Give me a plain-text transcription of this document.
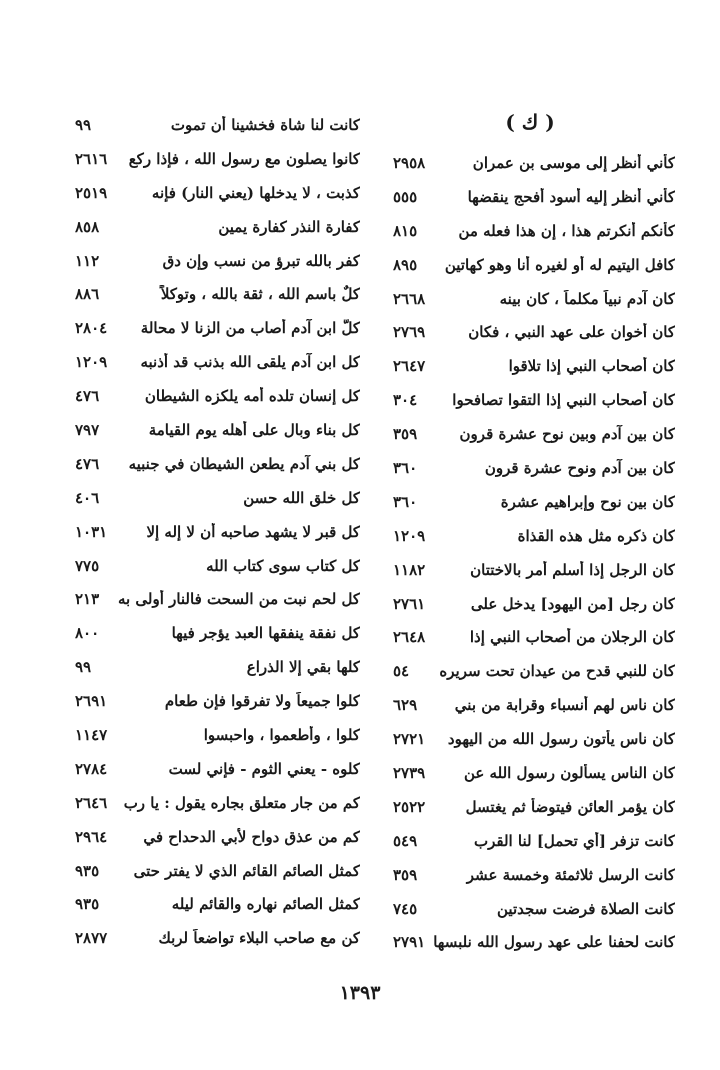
( ك )
كأني أنظر إلى موسى بن عمران
٢٩٥٨
كأني أنظر إليه أسود أفحج ينقضها
٥٥٥
كأنكم أنكرتم هذا ، إن هذا فعله من
٨١٥
كافل اليتيم له أو لغيره أنا وهو كهاتين
٨٩٥
كان آدم نبياً مكلماً ، كان بينه
٢٦٦٨
كان أخوان على عهد النبي ، فكان
٢٧٦٩
كان أصحاب النبي إذا تلاقوا
٢٦٤٧
كان أصحاب النبي إذا التقوا تصافحوا
٣٠٤
كان بين آدم وبين نوح عشرة قرون
٣٥٩
كان بين آدم ونوح عشرة قرون
٣٦٠
كان بين نوح وإبراهيم عشرة
٣٦٠
كان ذكره مثل هذه القذاة
١٢٠٩
كان الرجل إذا أسلم أمر بالاختتان
١١٨٢
كان رجل [من اليهود] يدخل على
٢٧٦١
كان الرجلان من أصحاب النبي إذا
٢٦٤٨
كان للنبي قدح من عيدان تحت سريره
٥٤
كان ناس لهم أنسباء وقرابة من بني
٦٢٩
كان ناس يأتون رسول الله من اليهود
٢٧٢١
كان الناس يسألون رسول الله عن
٢٧٣٩
كان يؤمر العائن فيتوضأ ثم يغتسل
٢٥٢٢
كانت تزفر [أي تحمل] لنا القرب
٥٤٩
كانت الرسل ثلاثمئة وخمسة عشر
٣٥٩
كانت الصلاة فرضت سجدتين
٧٤٥
كانت لحفنا على عهد رسول الله نلبسها
٢٧٩١
كانت لنا شاة فخشينا أن تموت
٩٩
كانوا يصلون مع رسول الله ، فإذا ركع
٢٦١٦
كذبت ، لا يدخلها (يعني النار) فإنه
٢٥١٩
كفارة النذر كفارة يمين
٨٥٨
كفر بالله تبرؤ من نسب وإن دق
١١٢
كلٌ باسم الله ، ثقة بالله ، وتوكلاً
٨٨٦
كلُّ ابن آدم أصاب من الزنا لا محالة
٢٨٠٤
كل ابن آدم يلقى الله بذنب قد أذنبه
١٢٠٩
كل إنسان تلده أمه يلكزه الشيطان
٤٧٦
كل بناء وبال على أهله يوم القيامة
٧٩٧
كل بني آدم يطعن الشيطان في جنبيه
٤٧٦
كل خلق الله حسن
٤٠٦
كل قبر لا يشهد صاحبه أن لا إله إلا
١٠٣١
كل كتاب سوى كتاب الله
٧٧٥
كل لحم نبت من السحت فالنار أولى به
٢١٣
كل نفقة ينفقها العبد يؤجر فيها
٨٠٠
كلها بقي إلا الذراع
٩٩
كلوا جميعاً ولا تفرقوا فإن طعام
٢٦٩١
كلوا ، وأطعموا ، واحبسوا
١١٤٧
كلوه - يعني الثوم - فإني لست
٢٧٨٤
كم من جار متعلق بجاره يقول : يا رب
٢٦٤٦
كم من عذق دواح لأبي الدحداح في
٢٩٦٤
كمثل الصائم القائم الذي لا يفتر حتى
٩٣٥
كمثل الصائم نهاره والقائم ليله
٩٣٥
كن مع صاحب البلاء تواضعاً لربك
٢٨٧٧
١٣٩٣
